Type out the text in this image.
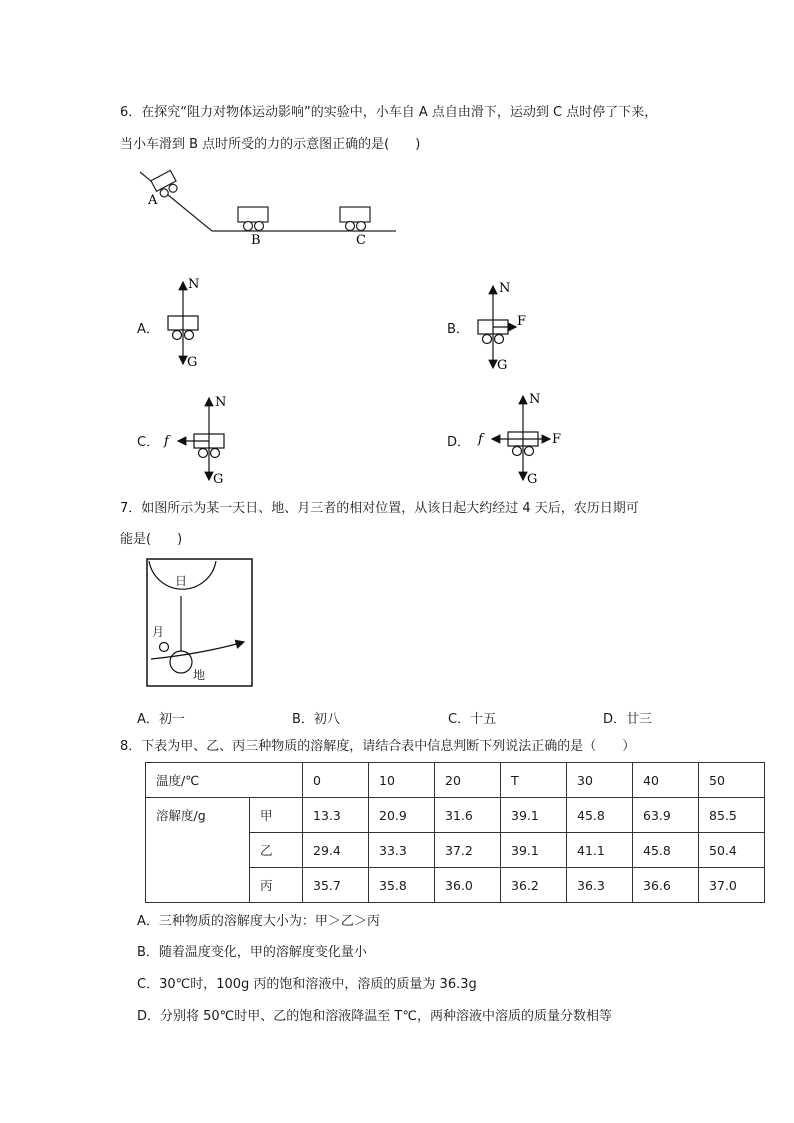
6．在探究“阻力对物体运动影响”的实验中，小车自 A 点自由滑下，运动到 C 点时停了下来，
当小车滑到 B 点时所受的力的示意图正确的是(　　)
A
B	C
A．
N
G
B．
N
F
G
C．
N
f
G
D．
N
f	F
G
7．如图所示为某一天日、地、月三者的相对位置，从该日起大约经过 4 天后，农历日期可
能是(　　)
日
月
地
A．初一	B．初八	C．十五	D．廿三
8．下表为甲、乙、丙三种物质的溶解度，请结合表中信息判断下列说法正确的是（　　）
温度/℃		0	10	20	T	30	40	50
溶解度/g	甲	13.3	20.9	31.6	39.1	45.8	63.9	85.5
	乙	29.4	33.3	37.2	39.1	41.1	45.8	50.4
	丙	35.7	35.8	36.0	36.2	36.3	36.6	37.0
A．三种物质的溶解度大小为：甲＞乙＞丙
B．随着温度变化，甲的溶解度变化量小
C．30℃时，100g 丙的饱和溶液中，溶质的质量为 36.3g
D．分别将 50℃时甲、乙的饱和溶液降温至 T℃，两种溶液中溶质的质量分数相等
